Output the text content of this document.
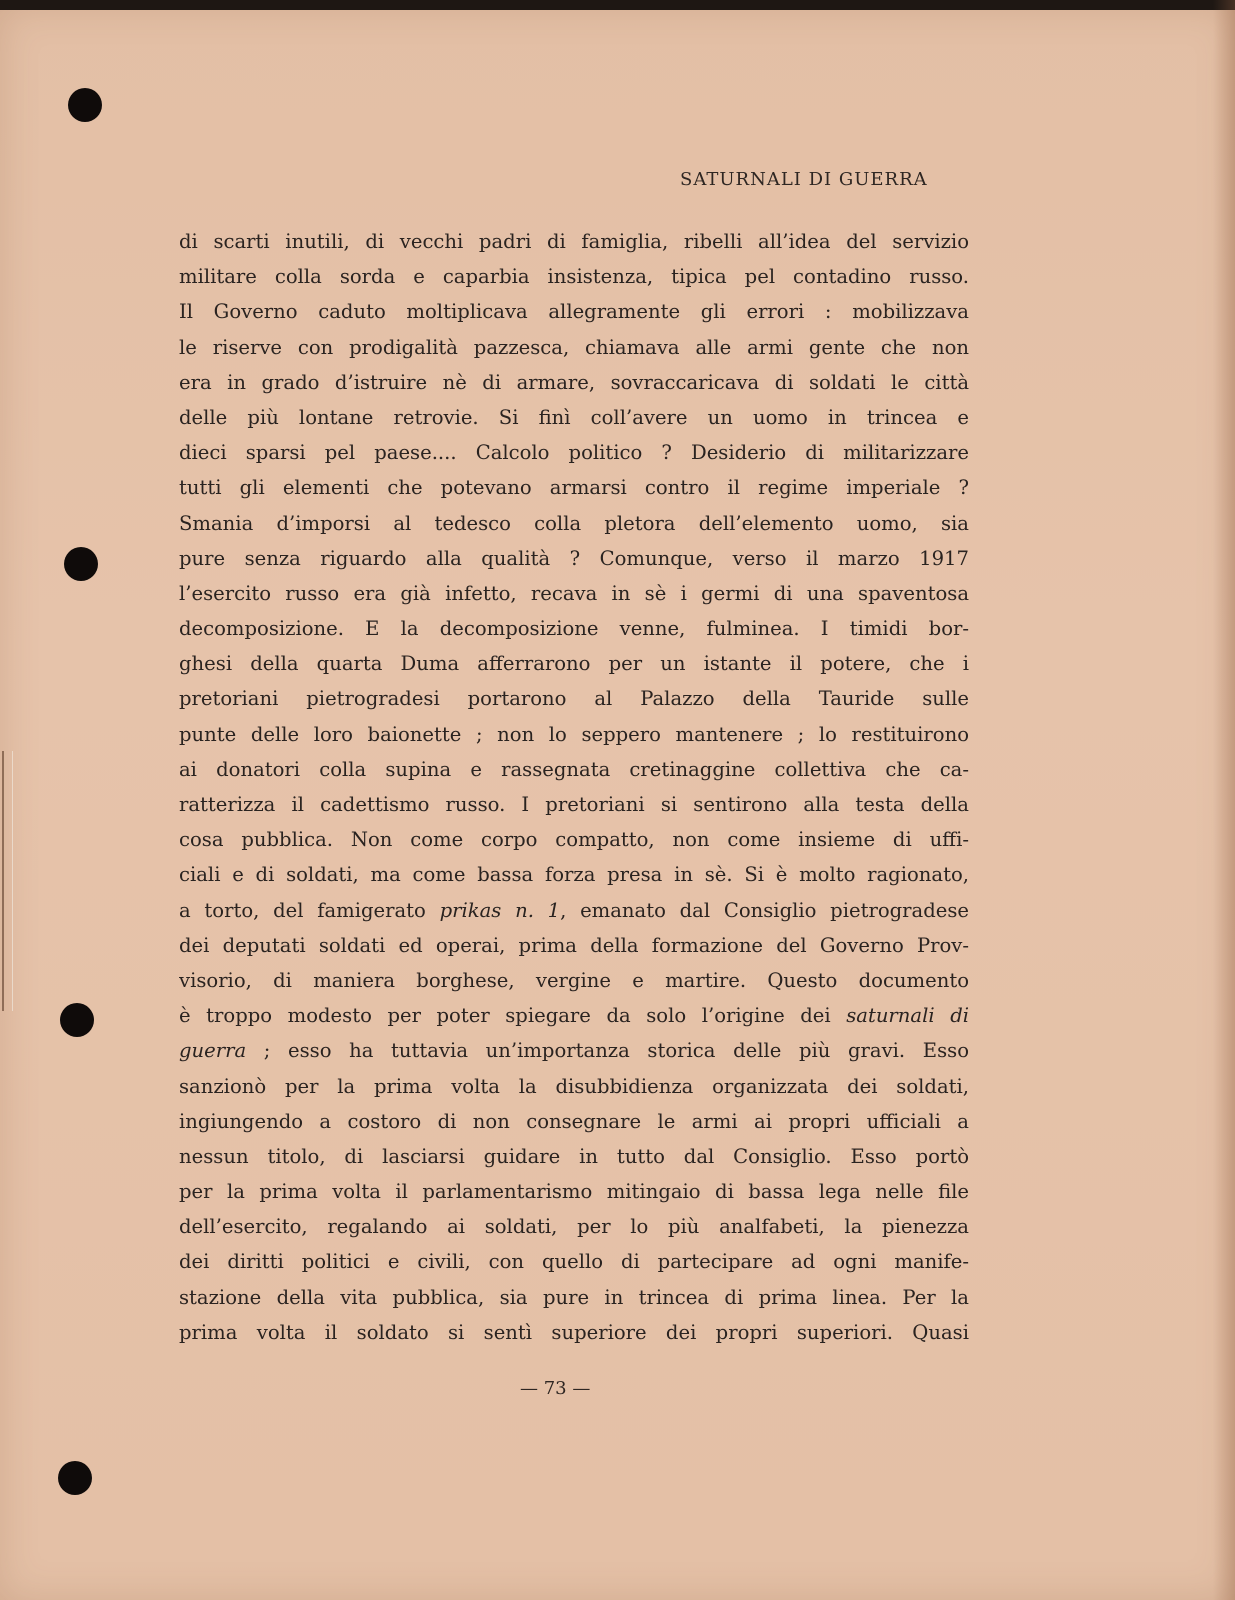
SATURNALI DI GUERRA
di scarti inutili, di vecchi padri di famiglia, ribelli all’idea del servizio
militare colla sorda e caparbia insistenza, tipica pel contadino russo.
Il Governo caduto moltiplicava allegramente gli errori : mobilizzava
le riserve con prodigalità pazzesca, chiamava alle armi gente che non
era in grado d’istruire nè di armare, sovraccaricava di soldati le città
delle più lontane retrovie. Si finì coll’avere un uomo in trincea e
dieci sparsi pel paese.... Calcolo politico ? Desiderio di militarizzare
tutti gli elementi che potevano armarsi contro il regime imperiale ?
Smania d’imporsi al tedesco colla pletora dell’elemento uomo, sia
pure senza riguardo alla qualità ? Comunque, verso il marzo 1917
l’esercito russo era già infetto, recava in sè i germi di una spaventosa
decomposizione. E la decomposizione venne, fulminea. I timidi bor-
ghesi della quarta Duma afferrarono per un istante il potere, che i
pretoriani pietrogradesi portarono al Palazzo della Tauride sulle
punte delle loro baionette ; non lo seppero mantenere ; lo restituirono
ai donatori colla supina e rassegnata cretinaggine collettiva che ca-
ratterizza il cadettismo russo. I pretoriani si sentirono alla testa della
cosa pubblica. Non come corpo compatto, non come insieme di uffi-
ciali e di soldati, ma come bassa forza presa in sè. Si è molto ragionato,
a torto, del famigerato prikas n. 1, emanato dal Consiglio pietrogradese
dei deputati soldati ed operai, prima della formazione del Governo Prov-
visorio, di maniera borghese, vergine e martire. Questo documento
è troppo modesto per poter spiegare da solo l’origine dei saturnali di
guerra ; esso ha tuttavia un’importanza storica delle più gravi. Esso
sanzionò per la prima volta la disubbidienza organizzata dei soldati,
ingiungendo a costoro di non consegnare le armi ai propri ufficiali a
nessun titolo, di lasciarsi guidare in tutto dal Consiglio. Esso portò
per la prima volta il parlamentarismo mitingaio di bassa lega nelle file
dell’esercito, regalando ai soldati, per lo più analfabeti, la pienezza
dei diritti politici e civili, con quello di partecipare ad ogni manife-
stazione della vita pubblica, sia pure in trincea di prima linea. Per la
prima volta il soldato si sentì superiore dei propri superiori. Quasi
— 73 —
